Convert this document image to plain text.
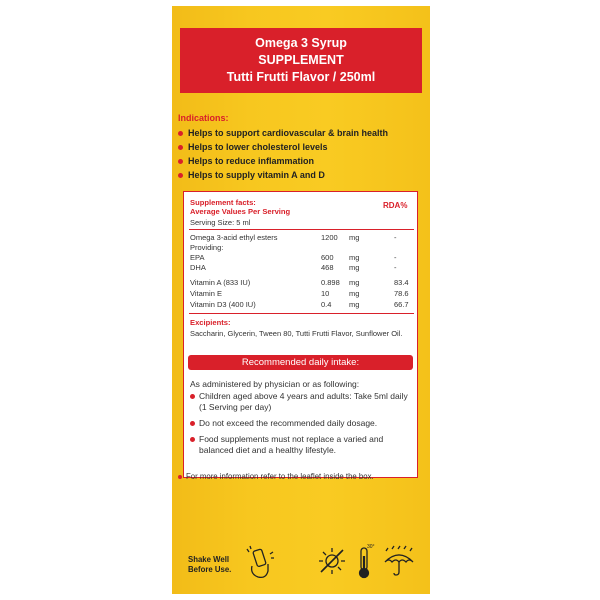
Omega 3 Syrup
SUPPLEMENT
Tutti Frutti Flavor / 250ml
Indications:
Helps to support cardiovascular & brain health
Helps to lower cholesterol levels
Helps to reduce inflammation
Helps to supply vitamin A and D
Supplement facts:
Average Values Per Serving
RDA%
Serving Size: 5 ml
Omega 3-acid ethyl esters	1200 mg	-
Providing:
EPA	600 mg	-
DHA	468 mg	-
Vitamin A (833 IU)	0.898 mg	83.4
Vitamin E	10	mg	78.6
Vitamin D3 (400 IU)	0.4 mg	66.7
Excipients:
Saccharin, Glycerin, Tween 80, Tutti Frutti Flavor, Sunflower Oil.
Recommended daily intake:
As administered by physician or as following:
Children aged above 4 years and adults: Take 5ml daily (1 Serving per day)
Do not exceed the recommended daily dosage.
Food supplements must not replace a varied and balanced diet and a healthy lifestyle.
For more information refer to the leaflet inside the box.
Shake Well
Before Use.
30°
